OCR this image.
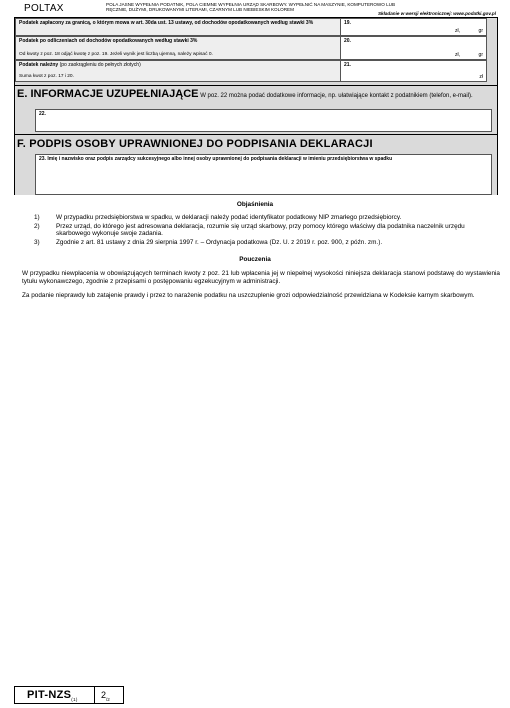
POLTAX	POLA JASNE WYPEŁNIA PODATNIK, POLA CIEMNE WYPEŁNIA URZĄD SKARBOWY. WYPEŁNIĆ NA MASZYNIE, KOMPUTEROWO LUB RĘCZNIE, DUŻYMI, DRUKOWANYMI LITERAMI, CZARNYM LUB NIEBIESKIM KOLOREM
Składanie w wersji elektronicznej: www.podatki.gov.pl
Podatek zapłacony za granicą, o którym mowa w art. 30da ust. 13 ustawy, od dochodów opodatkowanych według stawki 3%	19.
zł,	gr
Podatek po odliczeniach od dochodów opodatkowanych według stawki 3%
Od kwoty z poz. 18 odjąć kwotę z poz. 19. Jeżeli wynik jest liczbą ujemną, należy wpisać 0.
20.
zł,	gr
Podatek należny (po zaokrągleniu do pełnych złotych)
Suma kwot z poz. 17 i 20.
21.
zł
E. INFORMACJE UZUPEŁNIAJĄCE W poz. 22 można podać dodatkowe informacje, np. ułatwiające kontakt z podatnikiem (telefon, e-mail).
22.
F. PODPIS OSOBY UPRAWNIONEJ DO PODPISANIA DEKLARACJI
23. Imię i nazwisko oraz podpis zarządcy sukcesyjnego albo innej osoby uprawnionej do podpisania deklaracji w imieniu przedsiębiorstwa w spadku
Objaśnienia
1)	W przypadku przedsiębiorstwa w spadku, w deklaracji należy podać identyfikator podatkowy NIP zmarłego przedsiębiorcy.
2)	Przez urząd, do którego jest adresowana deklaracja, rozumie się urząd skarbowy, przy pomocy którego właściwy dla podatnika naczelnik urzędu skarbowego wykonuje swoje zadania.
3)	Zgodnie z art. 81 ustawy z dnia 29 sierpnia 1997 r. – Ordynacja podatkowa (Dz. U. z 2019 r. poz. 900, z późn. zm.).
Pouczenia

W przypadku niewpłacenia w obowiązujących terminach kwoty z poz. 21 lub wpłacenia jej w niepełnej wysokości niniejsza deklaracja stanowi podstawę do wystawienia tytułu wykonawczego, zgodnie z przepisami o postępowaniu egzekucyjnym w administracji.

Za podanie nieprawdy lub zatajenie prawdy i przez to narażenie podatku na uszczuplenie grozi odpowiedzialność przewidziana w Kodeksie karnym skarbowym.

PIT-$NZS_{(1)}$	$2_{/2}$
